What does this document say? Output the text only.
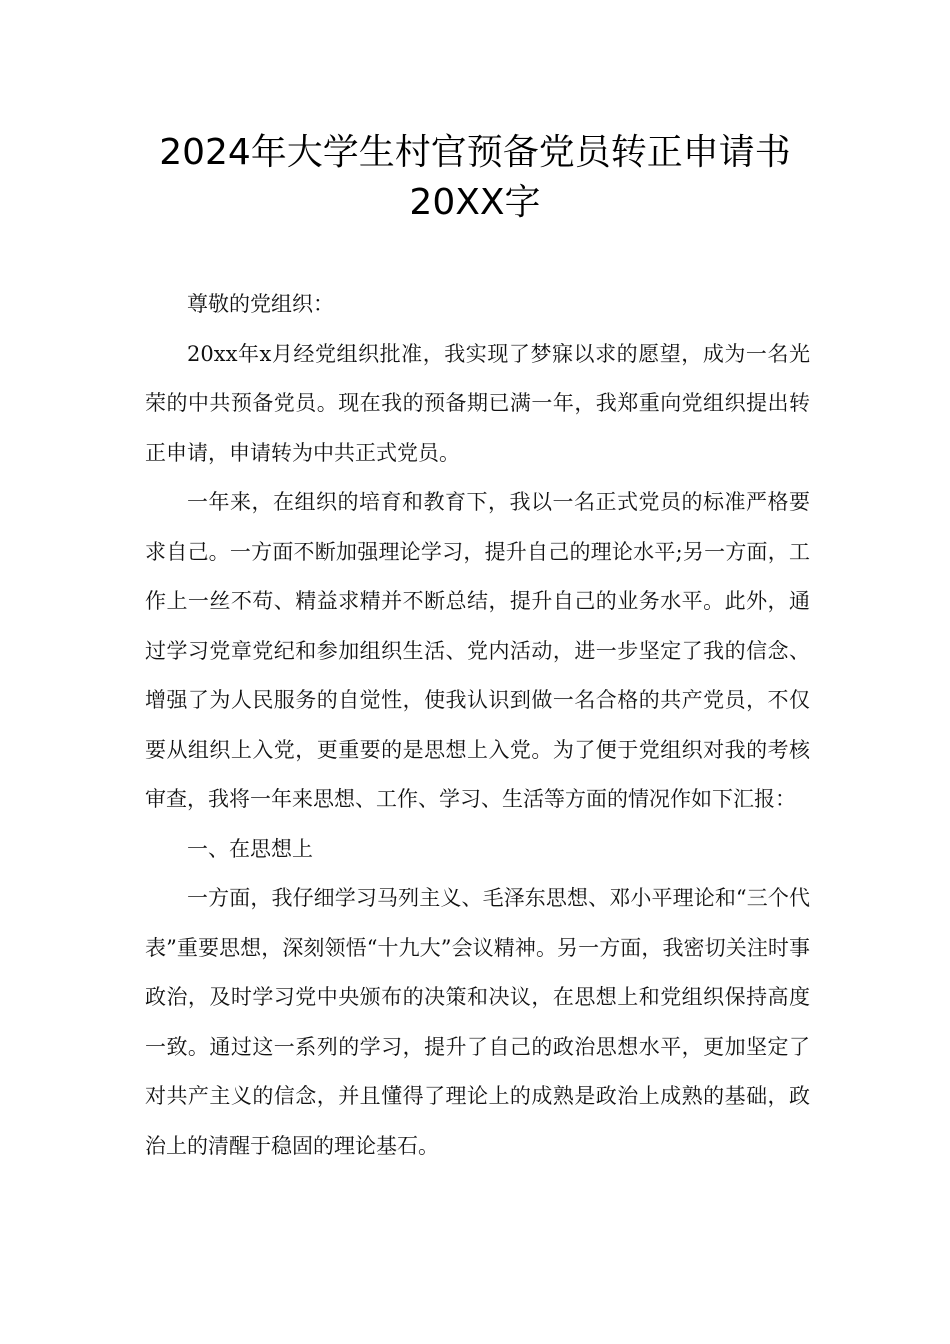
2024年大学生村官预备党员转正申请书
20XX字

尊敬的党组织：

20xx年x月经党组织批准，我实现了梦寐以求的愿望，成为一名光荣的中共预备党员。现在我的预备期已满一年，我郑重向党组织提出转正申请，申请转为中共正式党员。

一年来，在组织的培育和教育下，我以一名正式党员的标准严格要求自己。一方面不断加强理论学习，提升自己的理论水平;另一方面，工作上一丝不苟、精益求精并不断总结，提升自己的业务水平。此外，通过学习党章党纪和参加组织生活、党内活动，进一步坚定了我的信念、增强了为人民服务的自觉性，使我认识到做一名合格的共产党员，不仅要从组织上入党，更重要的是思想上入党。为了便于党组织对我的考核审查，我将一年来思想、工作、学习、生活等方面的情况作如下汇报：

一、在思想上

一方面，我仔细学习马列主义、毛泽东思想、邓小平理论和“三个代表”重要思想，深刻领悟“十九大”会议精神。另一方面，我密切关注时事政治，及时学习党中央颁布的决策和决议，在思想上和党组织保持高度一致。通过这一系列的学习，提升了自己的政治思想水平，更加坚定了对共产主义的信念，并且懂得了理论上的成熟是政治上成熟的基础，政治上的清醒于稳固的理论基石。
